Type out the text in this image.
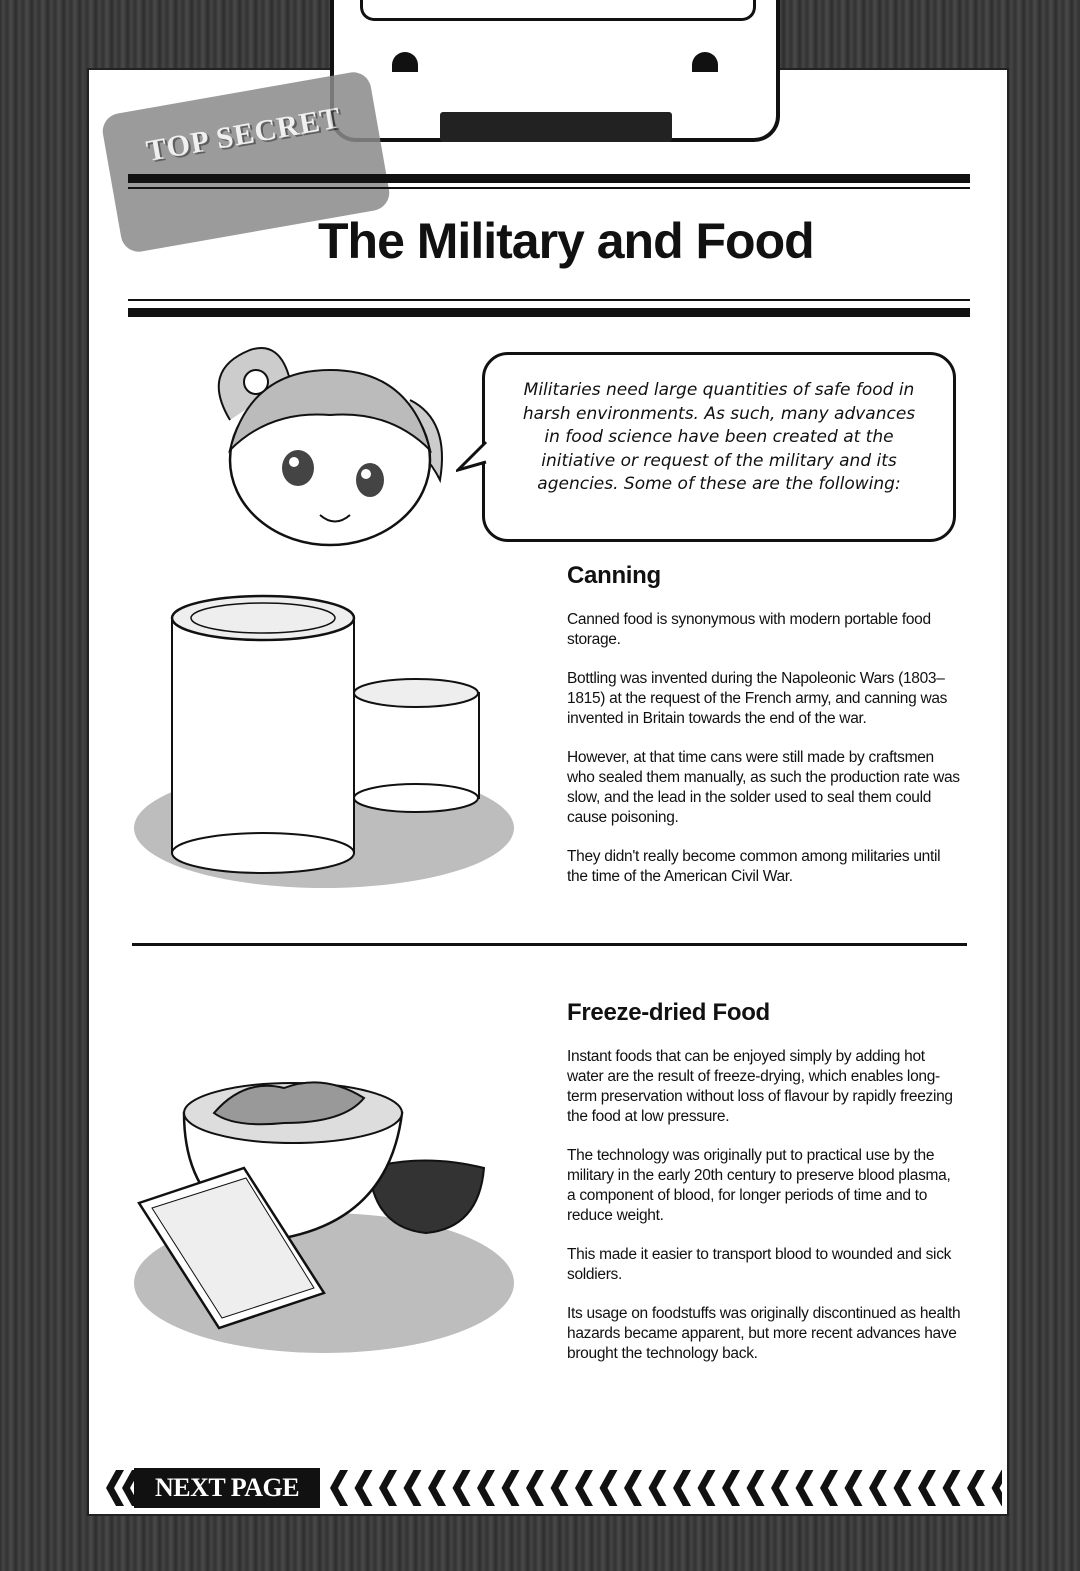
TOP SECRET
The Military and Food
Militaries need large quantities of safe food in harsh environments. As such, many advances in food science have been created at the initiative or request of the military and its agencies. Some of these are the following:
Canning
Canned food is synonymous with modern portable food storage.
Bottling was invented during the Napoleonic Wars (1803–1815) at the request of the French army, and canning was invented in Britain towards the end of the war.
However, at that time cans were still made by craftsmen who sealed them manually, as such the production rate was slow, and the lead in the solder used to seal them could cause poisoning.
They didn't really become common among militaries until the time of the American Civil War.
Freeze-dried Food
Instant foods that can be enjoyed simply by adding hot water are the result of freeze-drying, which enables long-term preservation without loss of flavour by rapidly freezing the food at low pressure.
The technology was originally put to practical use by the military in the early 20th century to preserve blood plasma, a component of blood, for longer periods of time and to reduce weight.
This made it easier to transport blood to wounded and sick soldiers.
Its usage on foodstuffs was originally discontinued as health hazards became apparent, but more recent advances have brought the technology back.
NEXT PAGE
